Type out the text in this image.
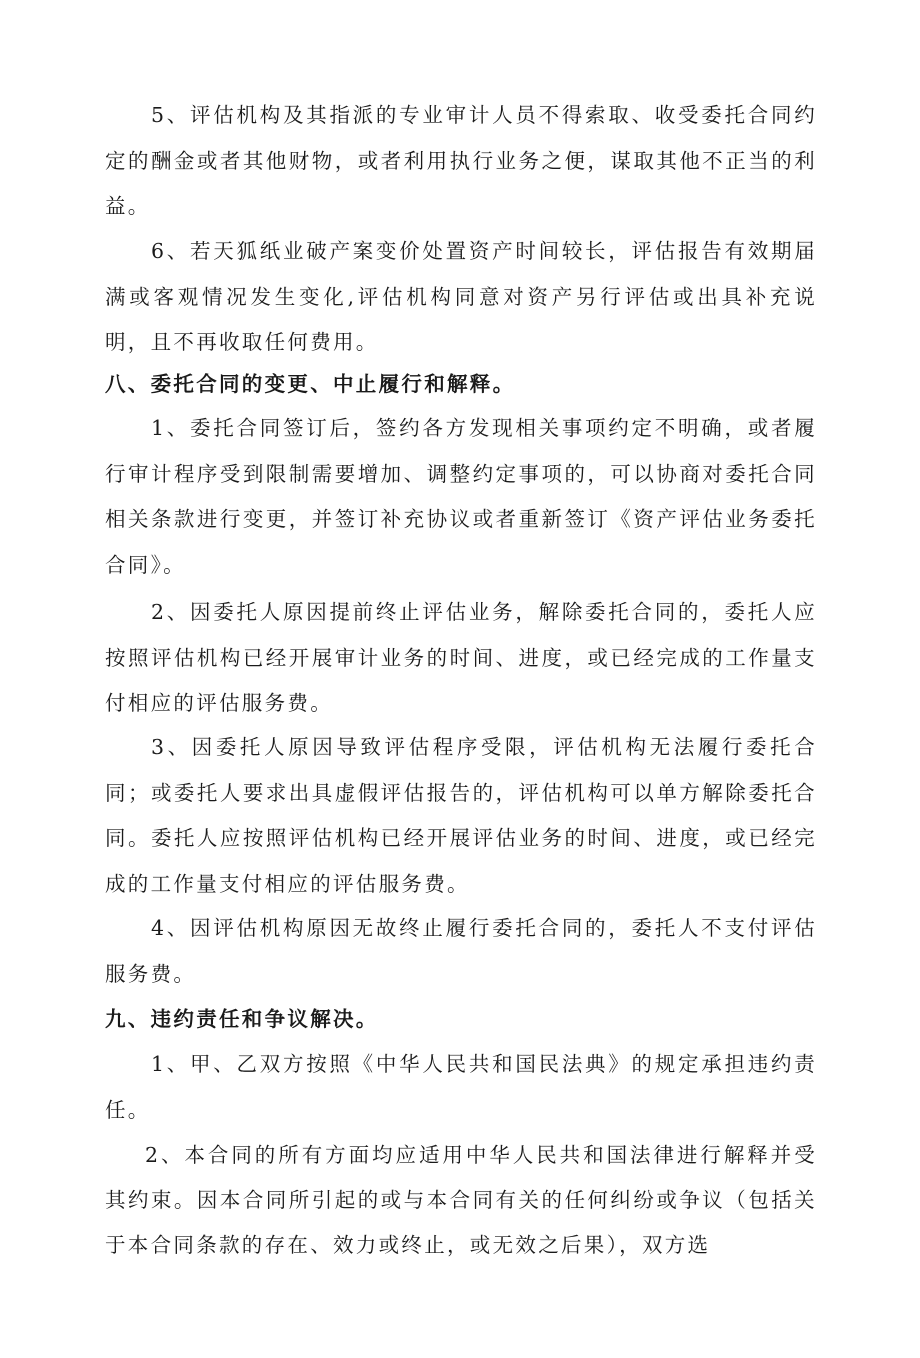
5、评估机构及其指派的专业审计人员不得索取、收受委托合同约定的酬金或者其他财物，或者利用执行业务之便，谋取其他不正当的利益。

6、若天狐纸业破产案变价处置资产时间较长，评估报告有效期届满或客观情况发生变化,评估机构同意对资产另行评估或出具补充说明，且不再收取任何费用。

八、委托合同的变更、中止履行和解释。

1、委托合同签订后，签约各方发现相关事项约定不明确，或者履行审计程序受到限制需要增加、调整约定事项的，可以协商对委托合同相关条款进行变更，并签订补充协议或者重新签订《资产评估业务委托合同》。

2、因委托人原因提前终止评估业务，解除委托合同的，委托人应按照评估机构已经开展审计业务的时间、进度，或已经完成的工作量支付相应的评估服务费。

3、因委托人原因导致评估程序受限，评估机构无法履行委托合同；或委托人要求出具虚假评估报告的，评估机构可以单方解除委托合同。委托人应按照评估机构已经开展评估业务的时间、进度，或已经完成的工作量支付相应的评估服务费。

4、因评估机构原因无故终止履行委托合同的，委托人不支付评估服务费。

九、违约责任和争议解决。

1、甲、乙双方按照《中华人民共和国民法典》的规定承担违约责任。

2、本合同的所有方面均应适用中华人民共和国法律进行解释并受其约束。因本合同所引起的或与本合同有关的任何纠纷或争议（包括关于本合同条款的存在、效力或终止，或无效之后果），双方选
